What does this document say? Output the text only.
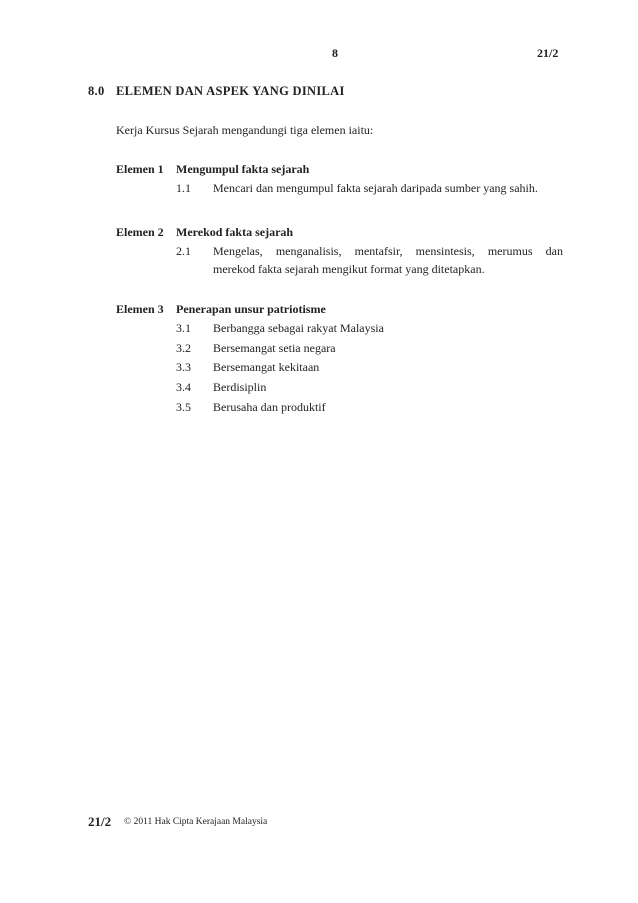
8	21/2
8.0 ELEMEN DAN ASPEK YANG DINILAI
Kerja Kursus Sejarah mengandungi tiga elemen iaitu:
Elemen 1 Mengumpul fakta sejarah
1.1 Mencari dan mengumpul fakta sejarah daripada sumber yang sahih.
Elemen 2 Merekod fakta sejarah
2.1 Mengelas, menganalisis, mentafsir, mensintesis, merumus dan
merekod fakta sejarah mengikut format yang ditetapkan.
Elemen 3 Penerapan unsur patriotisme
3.1 Berbangga sebagai rakyat Malaysia
3.2 Bersemangat setia negara
3.3 Bersemangat kekitaan
3.4 Berdisiplin
3.5 Berusaha dan produktif
21/2 © 2011 Hak Cipta Kerajaan Malaysia
